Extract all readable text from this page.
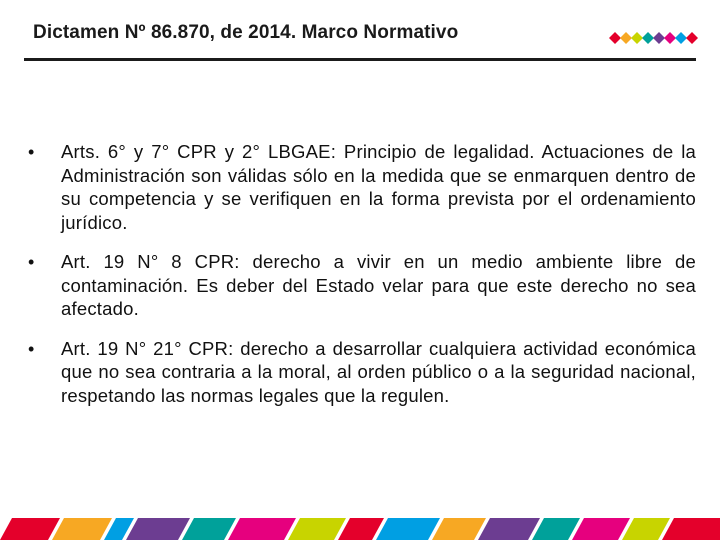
Dictamen Nº 86.870, de 2014. Marco Normativo
•	Arts. 6° y 7° CPR y 2° LBGAE: Principio de legalidad. Actuaciones de la Administración son válidas sólo en la medida que se enmarquen dentro de su competencia y se verifiquen en la forma prevista por el ordenamiento jurídico.
•	Art. 19 N° 8 CPR: derecho a vivir en un medio ambiente libre de contaminación. Es deber del Estado velar para que este derecho no sea afectado.
•	Art. 19 N° 21° CPR: derecho a desarrollar cualquiera actividad económica que no sea contraria a la moral, al orden público o a la seguridad nacional, respetando las normas legales que la regulen.
